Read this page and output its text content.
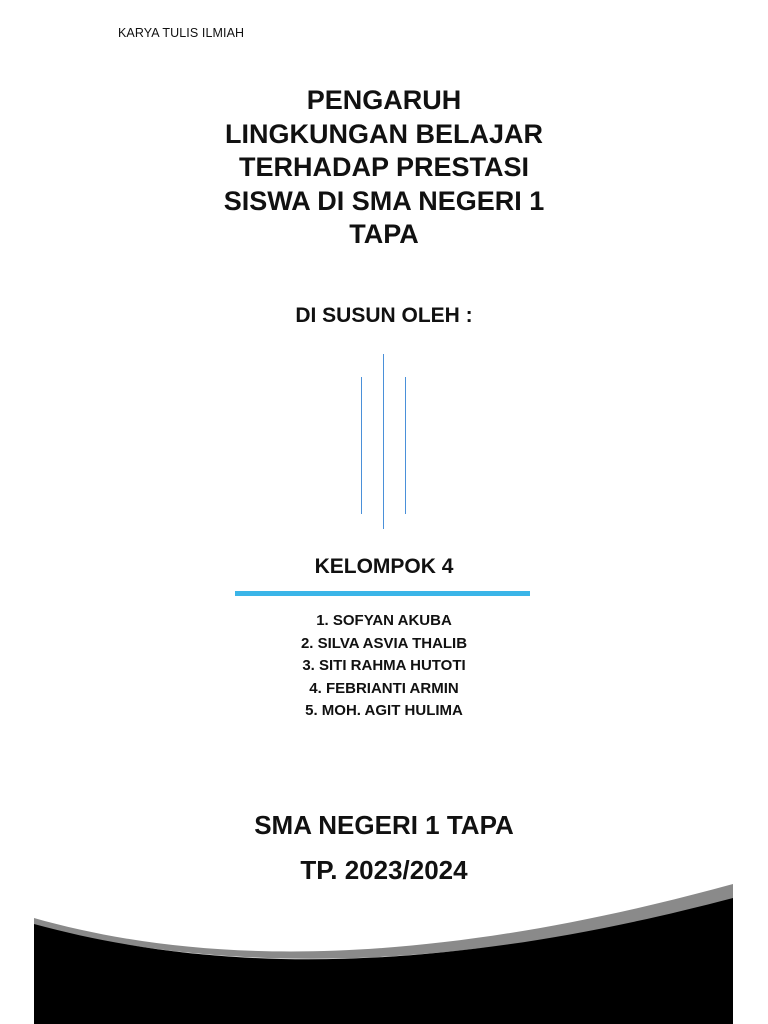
KARYA TULIS ILMIAH
PENGARUH
LINGKUNGAN BELAJAR
TERHADAP PRESTASI
SISWA DI SMA NEGERI 1
TAPA
DI SUSUN OLEH :
KELOMPOK 4
1. SOFYAN AKUBA
2. SILVA ASVIA THALIB
3. SITI RAHMA HUTOTI
4. FEBRIANTI ARMIN
5. MOH. AGIT HULIMA
SMA NEGERI 1 TAPA
TP. 2023/2024
